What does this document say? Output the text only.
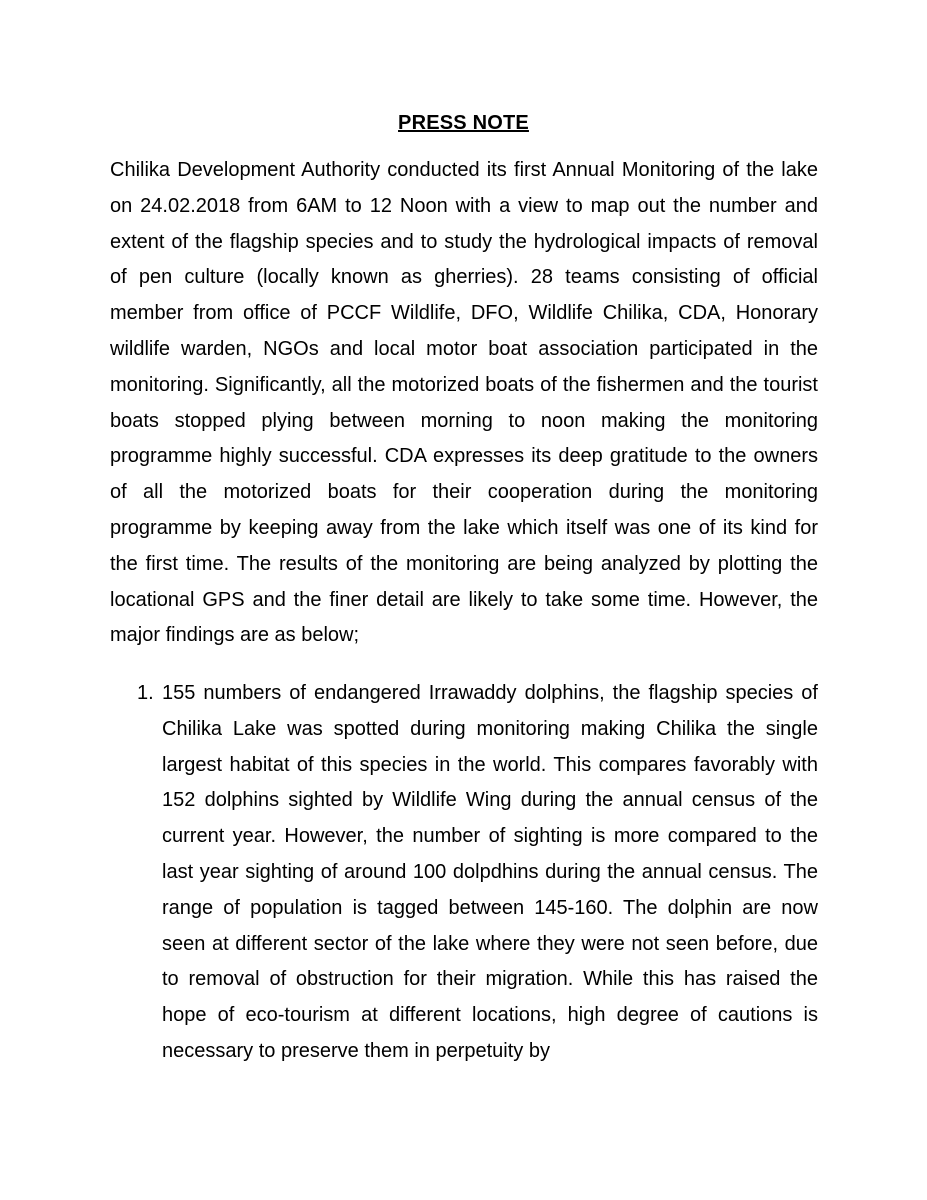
PRESS NOTE

Chilika Development Authority conducted its first Annual Monitoring of the lake on 24.02.2018 from 6AM to 12 Noon with a view to map out the number and extent of the flagship species and to study the hydrological impacts of removal of pen culture (locally known as gherries). 28 teams consisting of official member from office of PCCF Wildlife, DFO, Wildlife Chilika, CDA, Honorary wildlife warden, NGOs and local motor boat association participated in the monitoring. Significantly, all the motorized boats of the fishermen and the tourist boats stopped plying between morning to noon making the monitoring programme highly successful. CDA expresses its deep gratitude to the owners of all the motorized boats for their cooperation during the monitoring programme by keeping away from the lake which itself was one of its kind for the first time. The results of the monitoring are being analyzed by plotting the locational GPS and the finer detail are likely to take some time. However, the major findings are as below;

1. 155 numbers of endangered Irrawaddy dolphins, the flagship species of Chilika Lake was spotted during monitoring making Chilika the single largest habitat of this species in the world. This compares favorably with 152 dolphins sighted by Wildlife Wing during the annual census of the current year. However, the number of sighting is more compared to the last year sighting of around 100 dolpdhins during the annual census. The range of population is tagged between 145-160. The dolphin are now seen at different sector of the lake where they were not seen before, due to removal of obstruction for their migration. While this has raised the hope of eco-tourism at different locations, high degree of cautions is necessary to preserve them in perpetuity by
